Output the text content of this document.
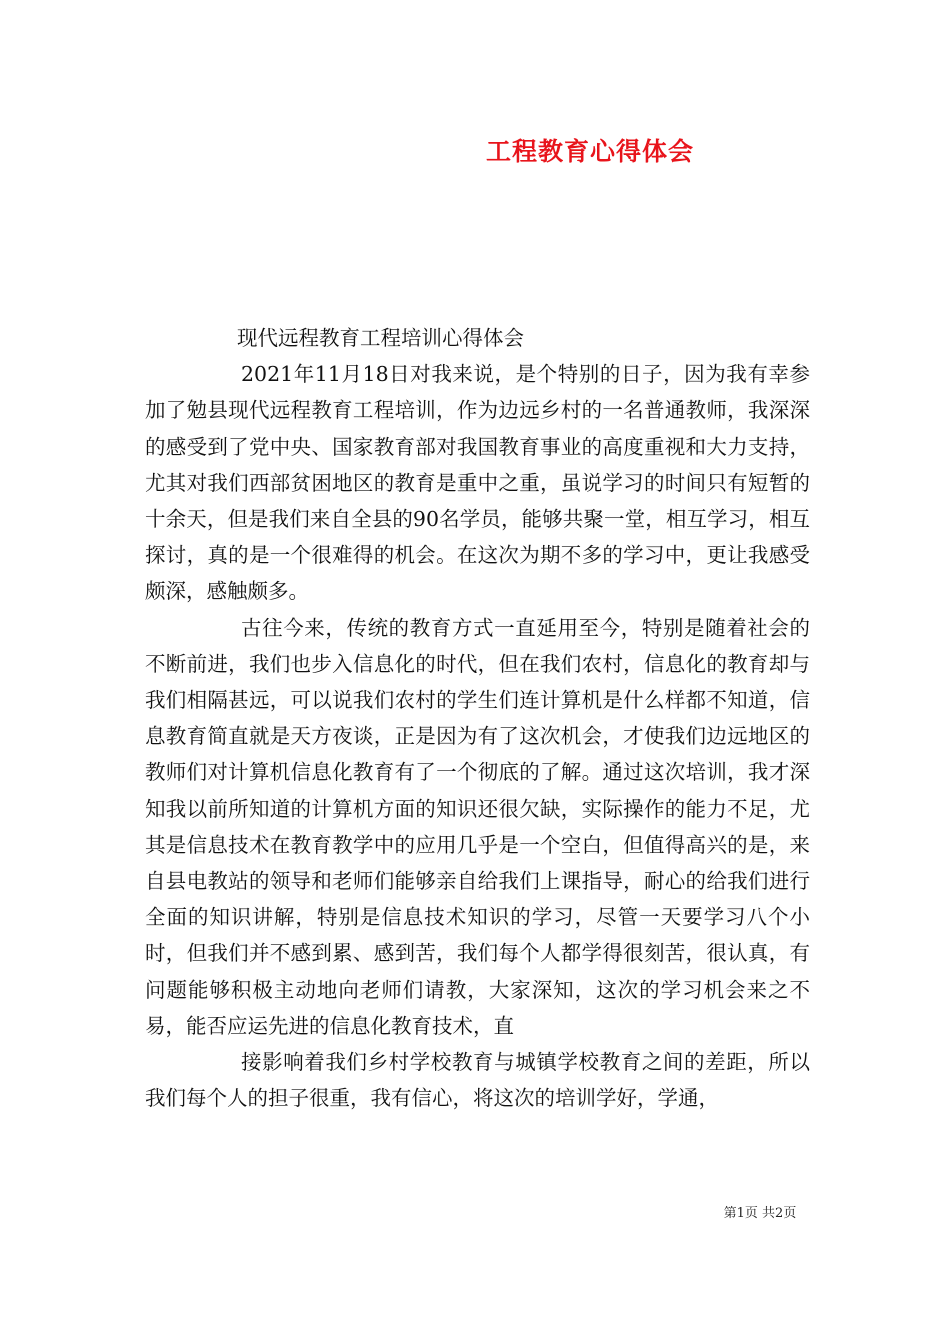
工程教育心得体会

现代远程教育工程培训心得体会

2021年11月18日对我来说，是个特别的日子，因为我有幸参加了勉县现代远程教育工程培训，作为边远乡村的一名普通教师，我深深的感受到了党中央、国家教育部对我国教育事业的高度重视和大力支持，尤其对我们西部贫困地区的教育是重中之重，虽说学习的时间只有短暂的十余天，但是我们来自全县的90名学员，能够共聚一堂，相互学习，相互探讨，真的是一个很难得的机会。在这次为期不多的学习中，更让我感受颇深，感触颇多。

古往今来，传统的教育方式一直延用至今，特别是随着社会的不断前进，我们也步入信息化的时代，但在我们农村，信息化的教育却与我们相隔甚远，可以说我们农村的学生们连计算机是什么样都不知道，信息教育简直就是天方夜谈，正是因为有了这次机会，才使我们边远地区的教师们对计算机信息化教育有了一个彻底的了解。通过这次培训，我才深知我以前所知道的计算机方面的知识还很欠缺，实际操作的能力不足，尤其是信息技术在教育教学中的应用几乎是一个空白，但值得高兴的是，来自县电教站的领导和老师们能够亲自给我们上课指导，耐心的给我们进行全面的知识讲解，特别是信息技术知识的学习，尽管一天要学习八个小时，但我们并不感到累、感到苦，我们每个人都学得很刻苦，很认真，有问题能够积极主动地向老师们请教，大家深知，这次的学习机会来之不易，能否应运先进的信息化教育技术，直

接影响着我们乡村学校教育与城镇学校教育之间的差距，所以我们每个人的担子很重，我有信心，将这次的培训学好，学通，

第1页 共2页
